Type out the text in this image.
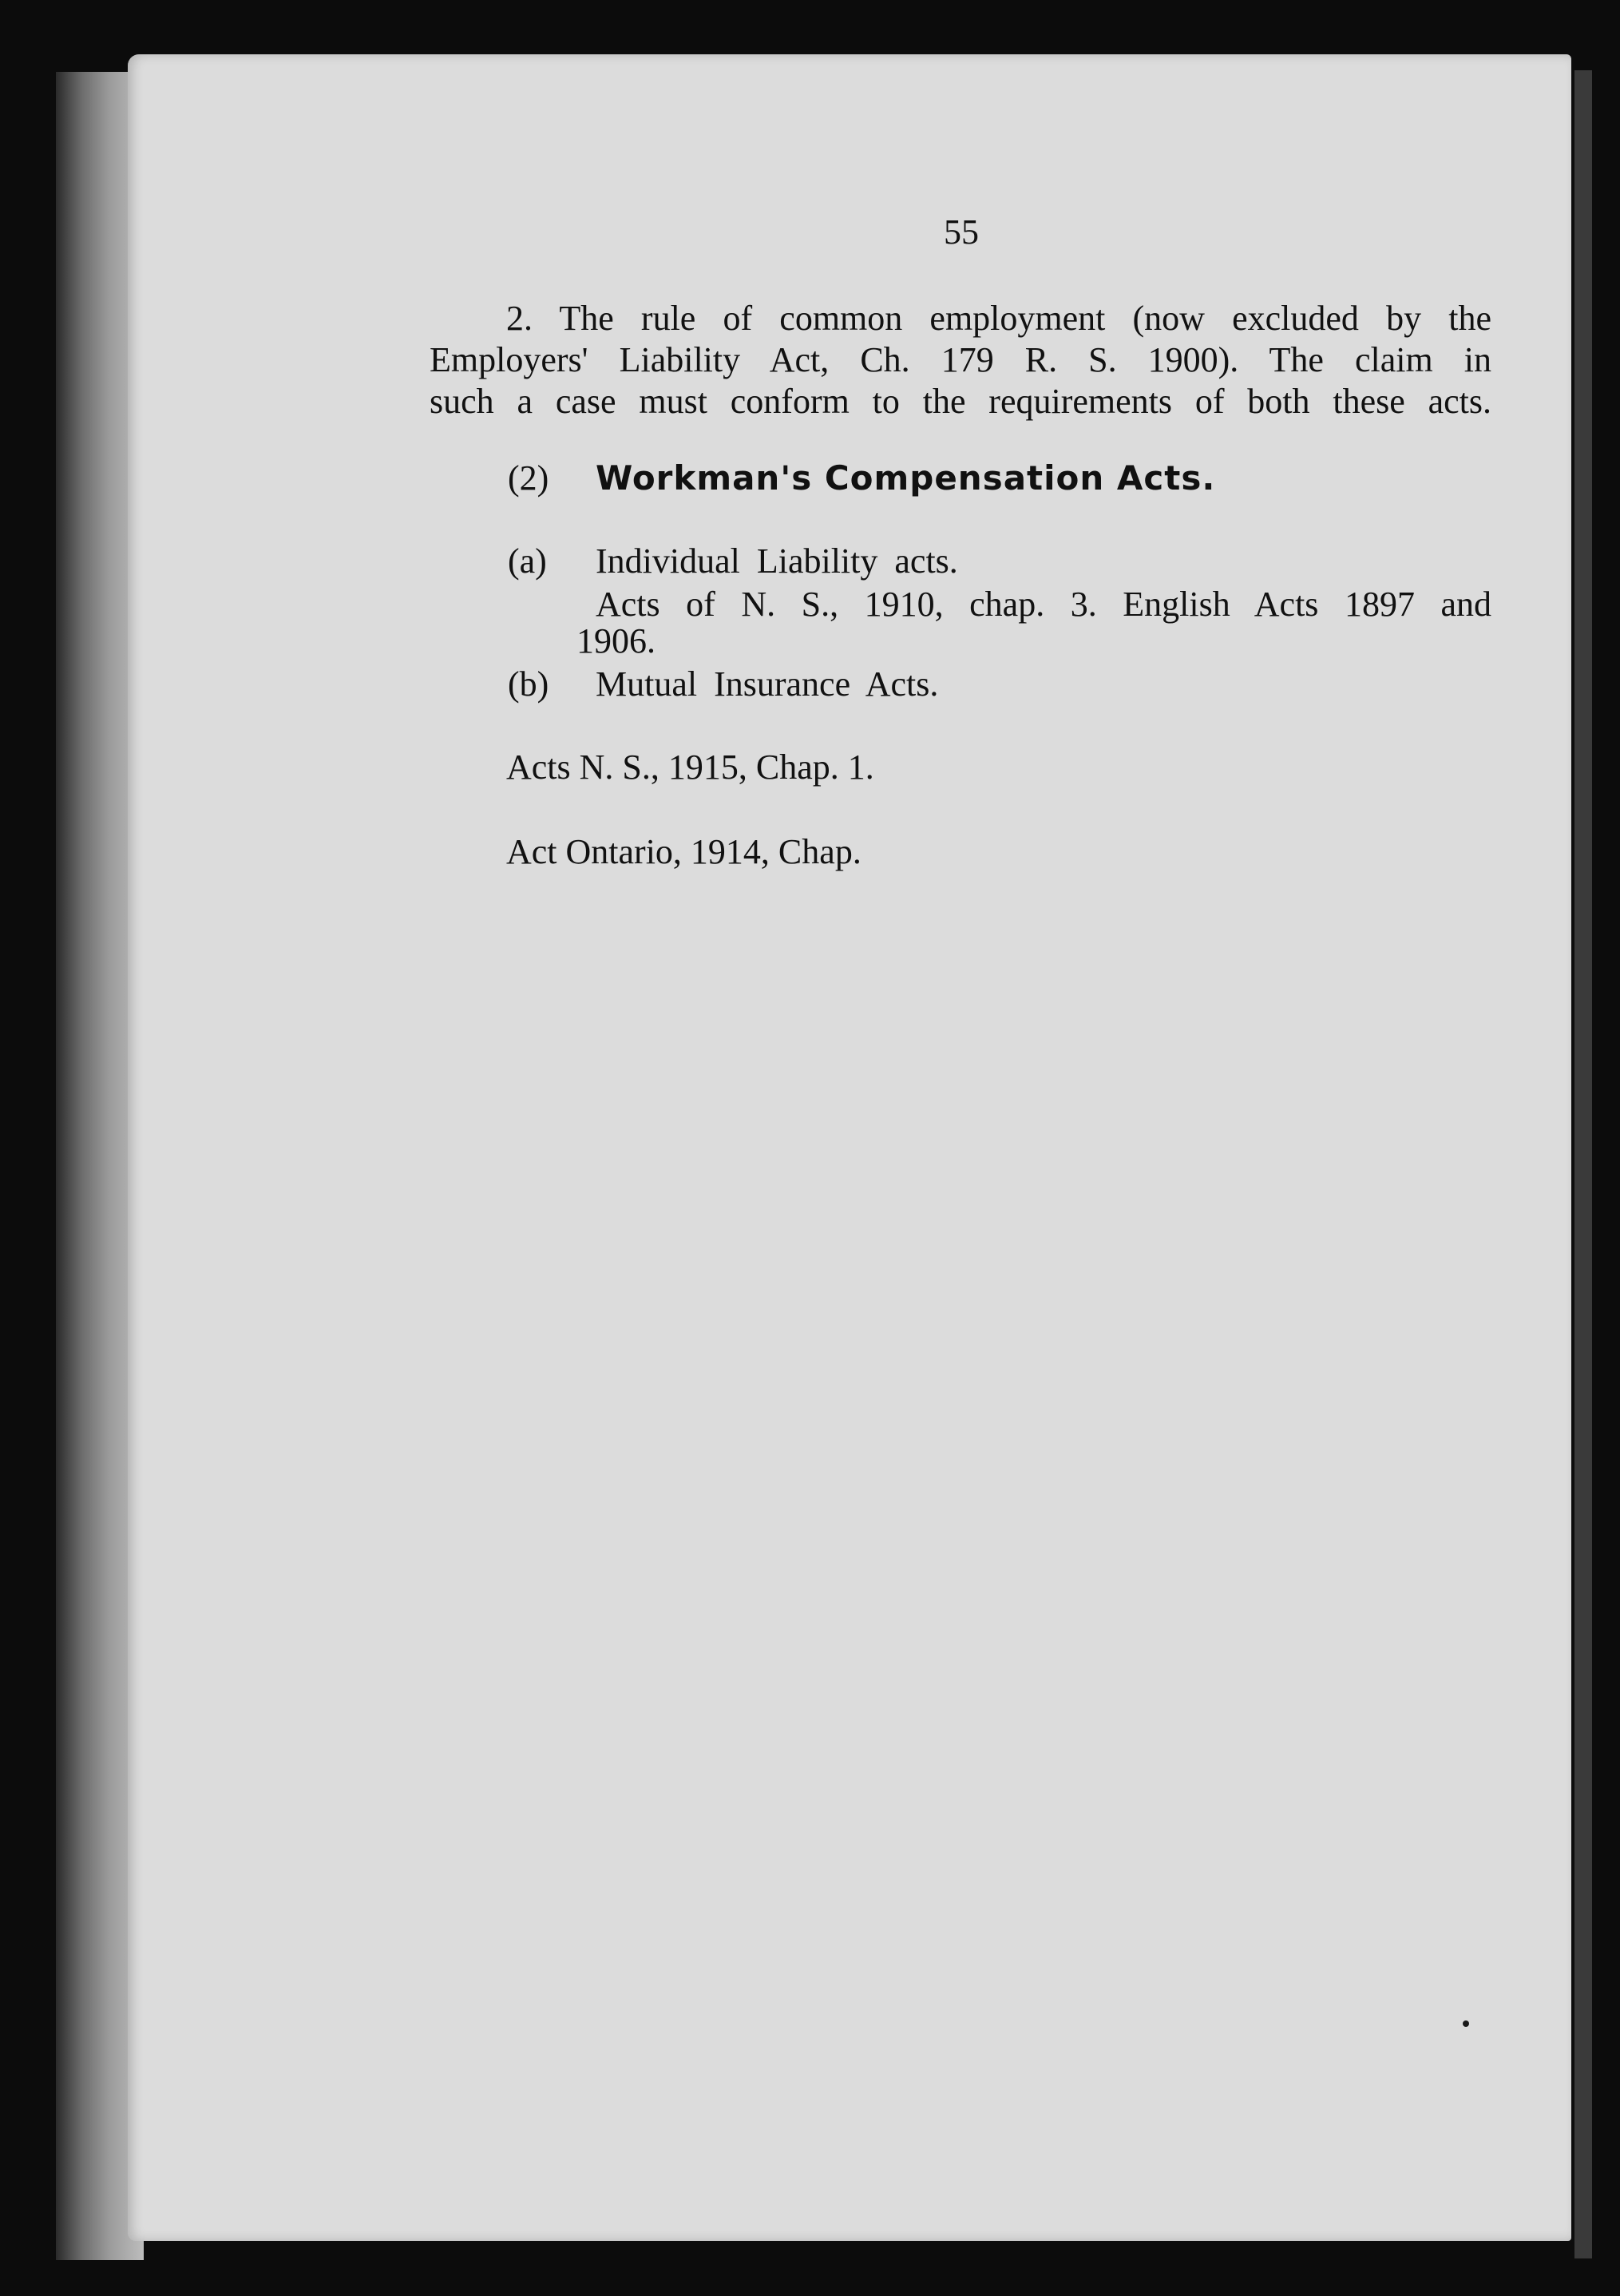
55
2. The rule of common employment (now excluded by the
Employers' Liability Act, Ch. 179 R. S. 1900). The claim in
such a case must conform to the requirements of both these acts.
(2) Workman's Compensation Acts.
(a) Individual Liability acts.
Acts of N. S., 1910, chap. 3. English Acts 1897 and
1906.
(b) Mutual Insurance Acts.
Acts N. S., 1915, Chap. 1.
Act Ontario, 1914, Chap.
